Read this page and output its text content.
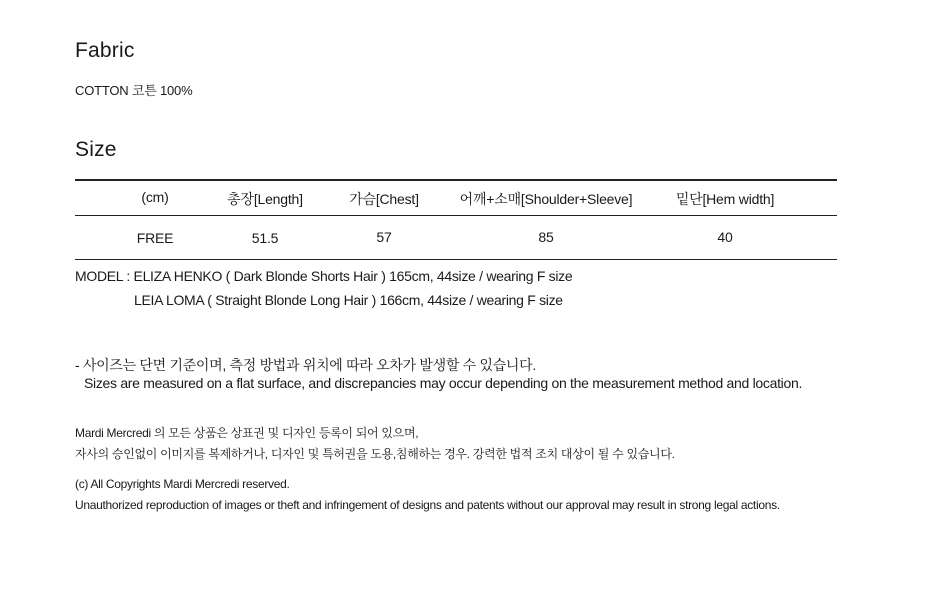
Fabric
COTTON 코튼 100%
Size
(cm)	총장[Length]	가슴[Chest]	어깨+소매[Shoulder+Sleeve]	밑단[Hem width]
FREE	51.5	57	85	40
MODEL : ELIZA HENKO ( Dark Blonde Shorts Hair ) 165cm, 44size / wearing F size
LEIA LOMA ( Straight Blonde Long Hair ) 166cm, 44size / wearing F size
- 사이즈는 단면 기준이며, 측정 방법과 위치에 따라 오차가 발생할 수 있습니다.
Sizes are measured on a flat surface, and discrepancies may occur depending on the measurement method and location.
Mardi Mercredi 의 모든 상품은 상표권 및 디자인 등록이 되어 있으며,
자사의 승인없이 이미지를 복제하거나, 디자인 및 특허권을 도용,침해하는 경우. 강력한 법적 조치 대상이 될 수 있습니다.
(c) All Copyrights Mardi Mercredi reserved.
Unauthorized reproduction of images or theft and infringement of designs and patents without our approval may result in strong legal actions.
